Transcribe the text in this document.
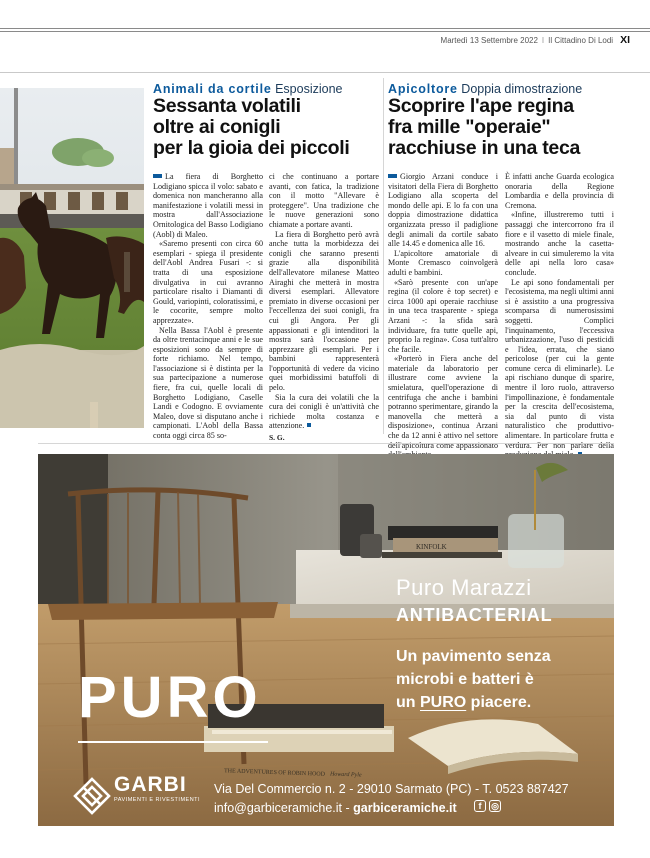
Martedì 13 Settembre 2022 I Il Cittadino Di Lodi XI
Animali da cortile Esposizione
Sessanta volatili
oltre ai conigli
per la gioia dei piccoli

La fiera di Borghetto Lodigiano spicca il volo: sabato e domenica non mancheranno alla manifestazione i volatili messi in mostra dall'Associazione Ornitologica del Basso Lodigiano (Aobl) di Maleo.

«Saremo presenti con circa 60 esemplari - spiega il presidente dell'Aobl Andrea Fusari -: si tratta di una esposizione divulgativa in cui avranno particolare risalto i Diamanti di Gould, variopinti, coloratissimi, e le cocorite, sempre molto apprezzate».

Nella Bassa l'Aobl è presente da oltre trentacinque anni e le sue esposizioni sono da sempre di forte richiamo. Nel tempo, l'associazione si è distinta per la sua partecipazione a numerose fiere, fra cui, quelle locali di Borghetto Lodigiano, Caselle Landi e Codogno. E ovviamente Maleo, dove si disputano anche i campionati. L'Aobl della Bassa conta oggi circa 85 so-

ci che continuano a portare avanti, con fatica, la tradizione con il motto "Allevare è proteggere". Una tradizione che le nuove generazioni sono chiamate a portare avanti.

La fiera di Borghetto però avrà anche tutta la morbidezza dei conigli che saranno presenti grazie alla disponibilità dell'allevatore milanese Matteo Airaghi che metterà in mostra diversi esemplari. Allevatore premiato in diverse occasioni per l'eccellenza dei suoi conigli, fra cui gli Angora. Per gli appassionati e gli intenditori la mostra sarà l'occasione per apprezzare gli esemplari. Per i bambini rappresenterà l'opportunità di vedere da vicino quei morbidissimi batuffoli di pelo.

Sia la cura dei volatili che la cura dei conigli è un'attività che richiede molta costanza e attenzione.

S. G.

Apicoltore Doppia dimostrazione
Scoprire l'ape regina
fra mille "operaie"
racchiuse in una teca

Giorgio Arzani conduce i visitatori della Fiera di Borghetto Lodigiano alla scoperta del mondo delle api. E lo fa con una doppia dimostrazione didattica organizzata presso il padiglione degli animali da cortile sabato alle 14.45 e domenica alle 16.

L'apicoltore amatoriale di Monte Cremasco coinvolgerà adulti e bambini.

«Sarò presente con un'ape regina (il colore è top secret) e circa 1000 api operaie racchiuse in una teca trasparente - spiega Arzani -: la sfida sarà individuare, fra tutte quelle api, proprio la regina». Cosa tutt'altro che facile.

«Porterò in Fiera anche del materiale da laboratorio per illustrare come avviene la smielatura, quell'operazione di centrifuga che anche i bambini potranno sperimentare, girando la manovella che metterà a disposizione», continua Arzani che da 12 anni è attivo nel settore dell'apicoltura come appassionato

È infatti anche Guarda ecologica onoraria della Regione Lombardia e della provincia di Cremona.

«Infine, illustreremo tutti i passaggi che intercorrono fra il fiore e il vasetto di miele finale, mostrando anche la casetta-alveare in cui simuleremo la vita delle api nella loro casa» conclude.

Le api sono fondamentali per l'ecosistema, ma negli ultimi anni si è assistito a una progressiva scomparsa di numerosissimi soggetti. Complici l'inquinamento, l'eccessiva urbanizzazione, l'uso di pesticidi e l'idea, errata, che siano pericolose (per cui la gente comune cerca di eliminarle). Le api rischiano dunque di sparire, mentre il loro ruolo, attraverso l'impollinazione, è fondamentale per la crescita dell'ecosistema, sia dal punto di vista naturalistico che produttivo-alimentare. In particolare frutta e verdura. Per non parlare della

Puro Marazzi
ANTIBACTERIAL
Un pavimento senza
microbi e batteri è
un PURO piacere.
PURO
THE ADVENTURES OF ROBIN HOOD Howard Pyle
KINFOLK
GARBI
PAVIMENTI E RIVESTIMENTI
Via Del Commercio n. 2 - 29010 Sarmato (PC) - T. 0523 887427
info@garbiceramiche.it - garbiceramiche.it	f	◎
